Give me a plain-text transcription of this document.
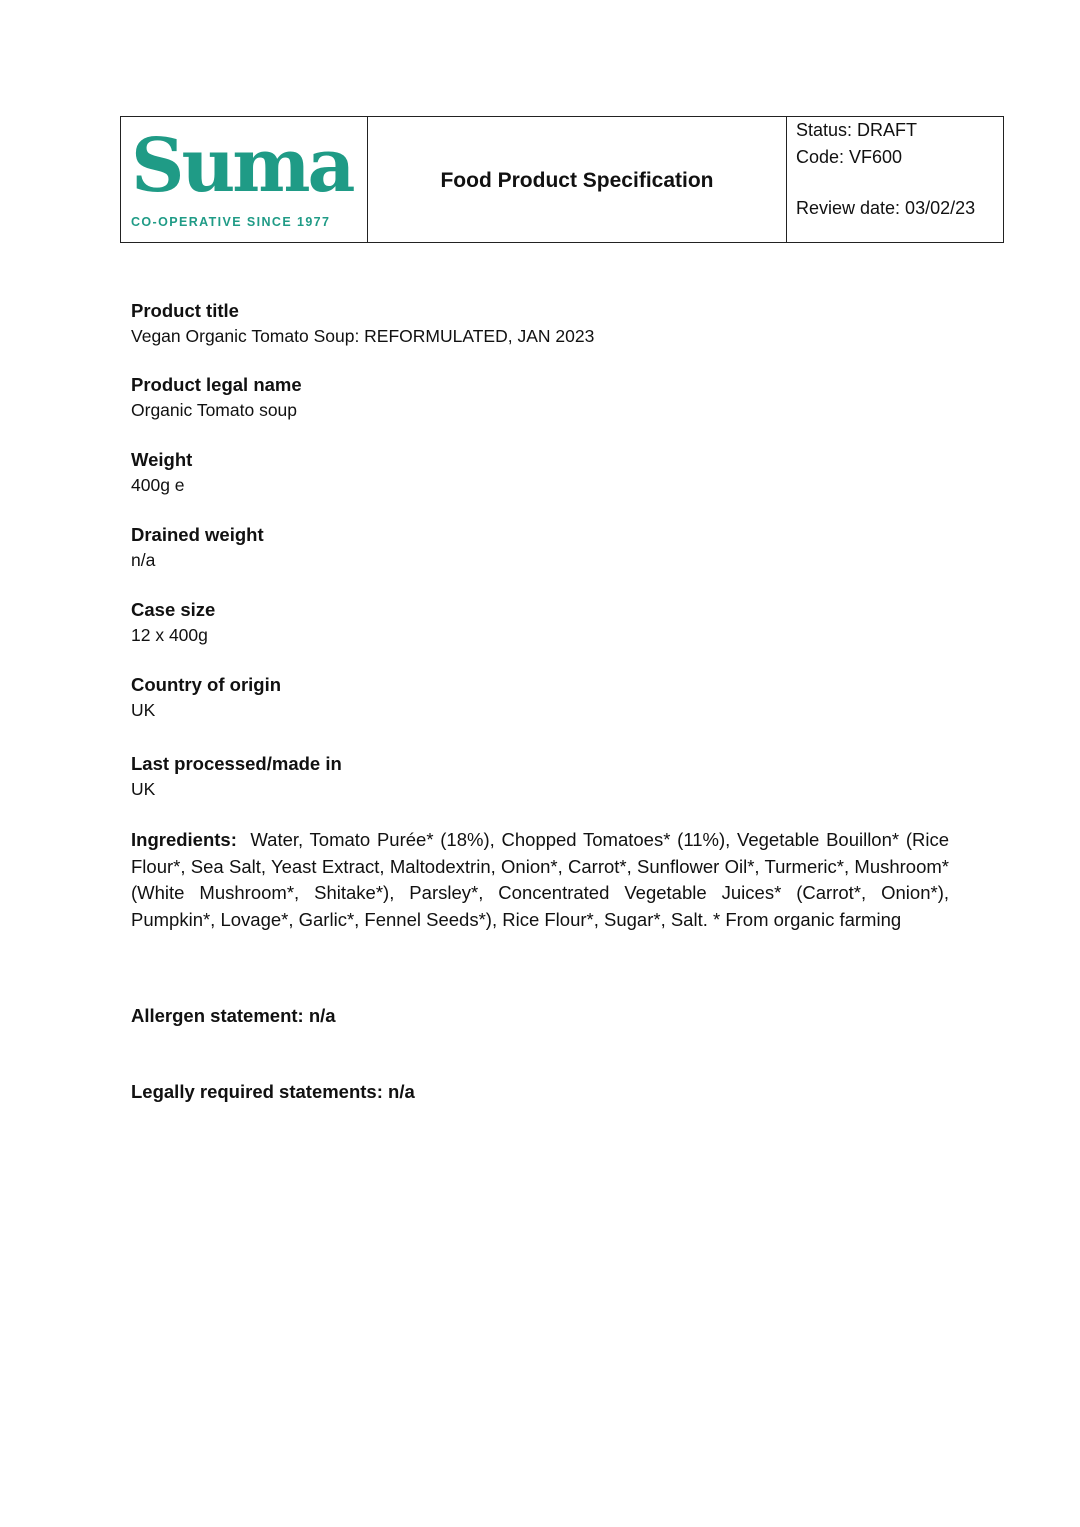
Suma
CO-OPERATIVE SINCE 1977
Food Product Specification
Status: DRAFT
Code: VF600
Review date: 03/02/23
Product title
Vegan Organic Tomato Soup: REFORMULATED, JAN 2023
Product legal name
Organic Tomato soup
Weight
400g e
Drained weight
n/a
Case size
12 x 400g
Country of origin
UK
Last processed/made in
UK
Ingredients: Water, Tomato Purée* (18%), Chopped Tomatoes* (11%), Vegetable Bouillon* (Rice Flour*, Sea Salt, Yeast Extract, Maltodextrin, Onion*, Carrot*, Sunflower Oil*, Turmeric*, Mushroom* (White Mushroom*, Shitake*), Parsley*, Concentrated Vegetable Juices* (Carrot*, Onion*), Pumpkin*, Lovage*, Garlic*, Fennel Seeds*), Rice Flour*, Sugar*, Salt. * From organic farming
Allergen statement: n/a
Legally required statements: n/a
